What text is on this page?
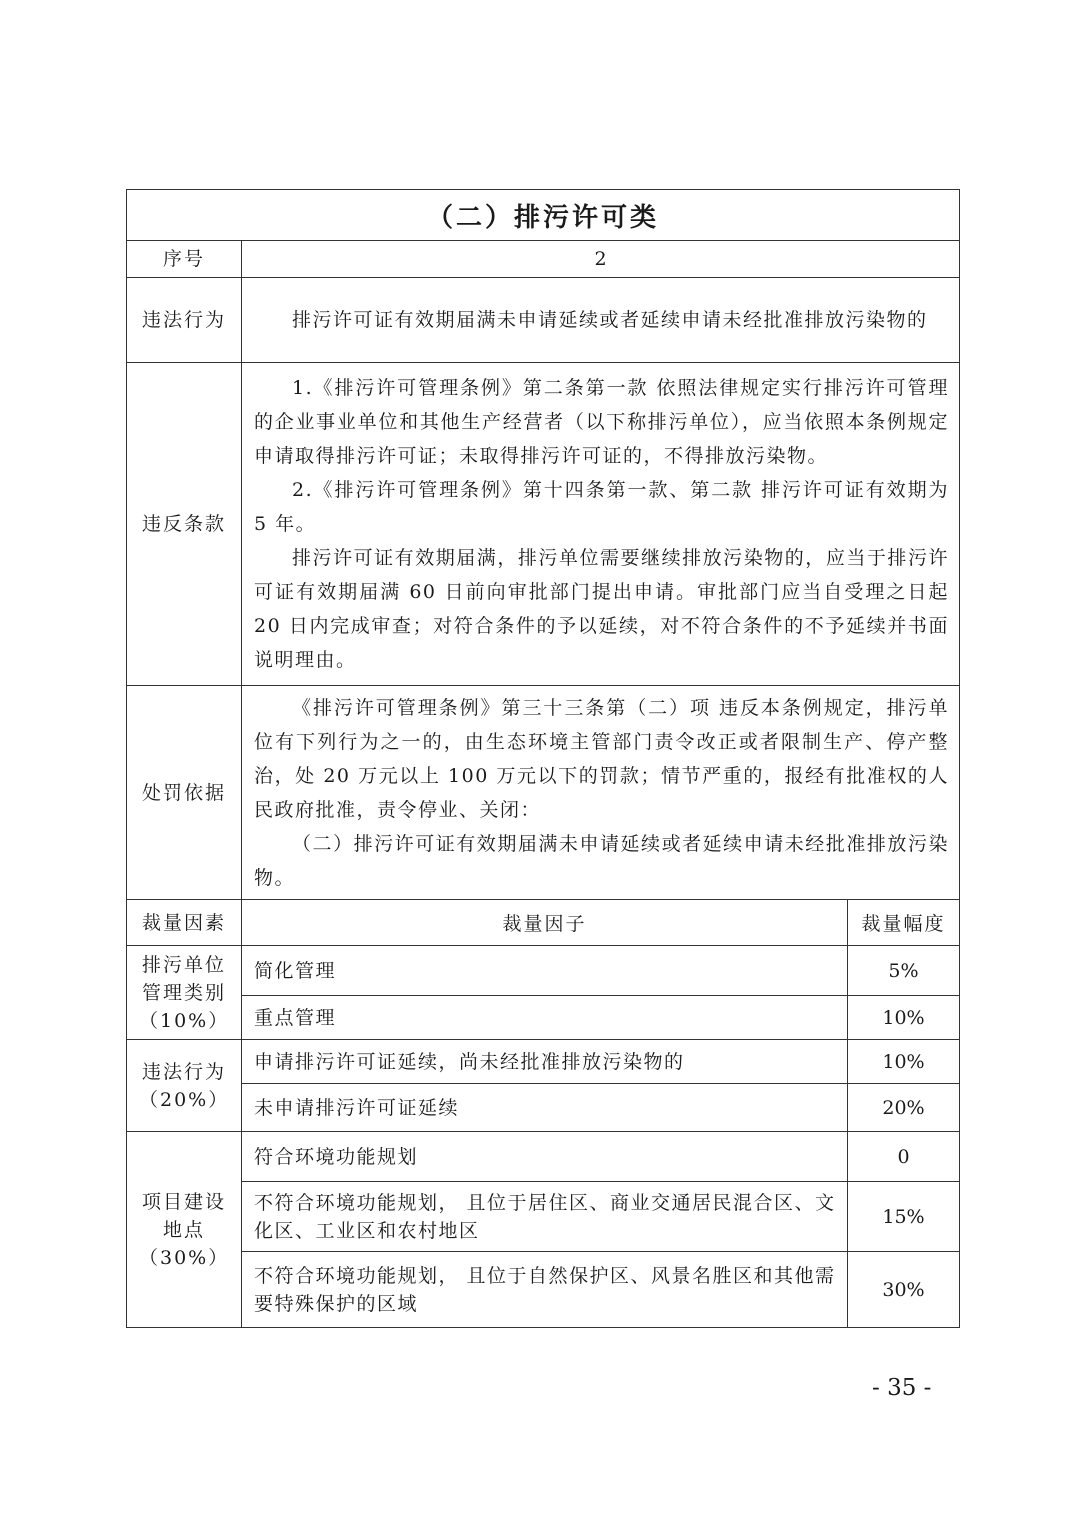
（二）排污许可类		
序号	2	
违法行为	排污许可证有效期届满未申请延续或者延续申请未经批准排放污染物的	

违反条款	1.《排污许可管理条例》第二条第一款 依照法律规定实行排污许可管理的企业事业单位和其他生产经营者（以下称排污单位），应当依照本条例规定申请取得排污许可证；未取得排污许可证的，不得排放污染物。

2.《排污许可管理条例》第十四条第一款、第二款 排污许可证有效期为 5 年。

排污许可证有效期届满，排污单位需要继续排放污染物的，应当于排污许可证有效期届满 60 日前向审批部门提出申请。审批部门应当自受理之日起 20 日内完成审查；对符合条件的予以延续，对不符合条件的不予延续并书面说明理由。	

处罚依据	《排污许可管理条例》第三十三条第（二）项 违反本条例规定，排污单位有下列行为之一的，由生态环境主管部门责令改正或者限制生产、停产整治，处 20 万元以上 100 万元以下的罚款；情节严重的，报经有批准权的人民政府批准，责令停业、关闭：

（二）排污许可证有效期届满未申请延续或者延续申请未经批准排放污染物。	

裁量因素	裁量因子	裁量幅度
排污单位管理类别（10%）	简化管理	5%
	重点管理	10%
违法行为（20%）	申请排污许可证延续，尚未经批准排放污染物的	10%
	未申请排污许可证延续	20%
项目建设地点（30%）	符合环境功能规划	0
	不符合环境功能规划， 且位于居住区、商业交通居民混合区、文化区、工业区和农村地区	15%
	不符合环境功能规划， 且位于自然保护区、风景名胜区和其他需要特殊保护的区域	30%
- 35 -
